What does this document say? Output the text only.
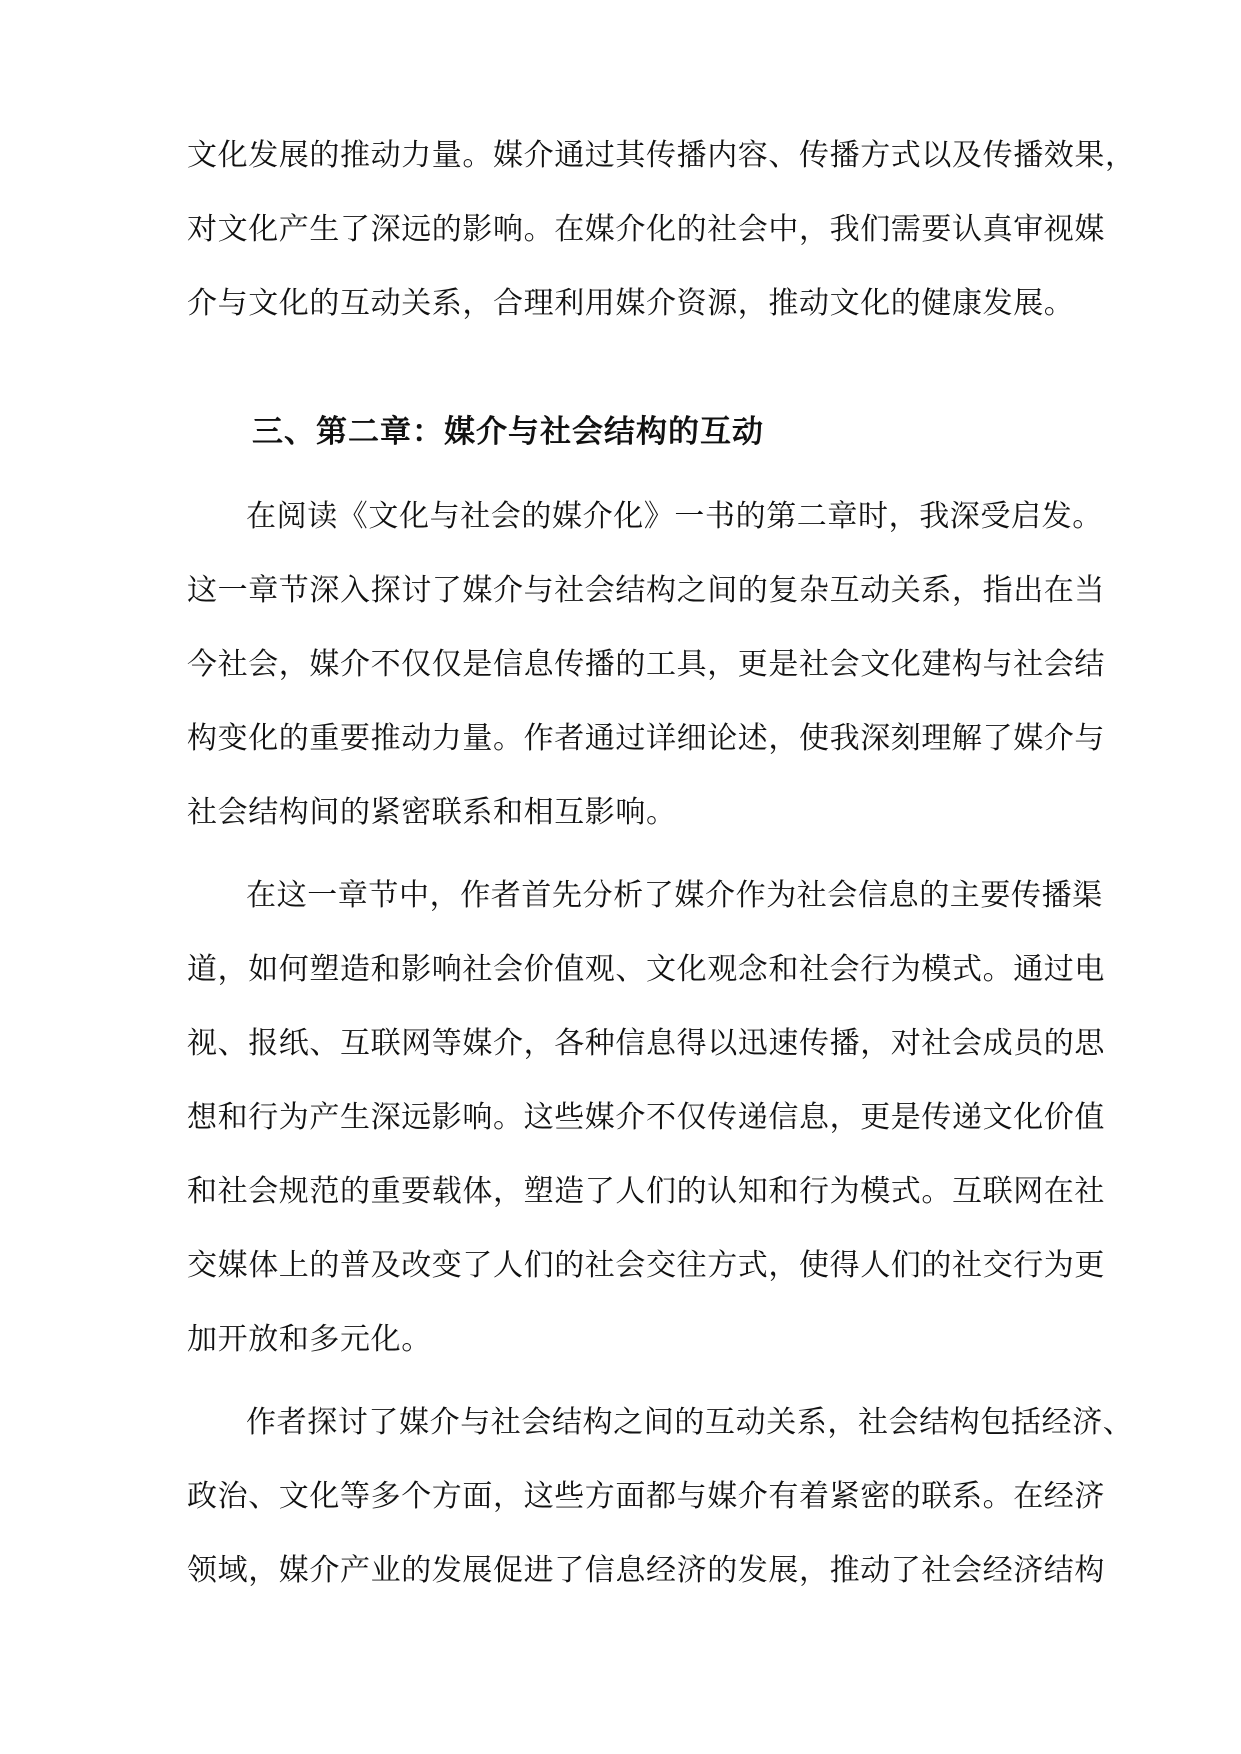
文化发展的推动力量。媒介通过其传播内容、传播方式以及传播效果，
对文化产生了深远的影响。在媒介化的社会中，我们需要认真审视媒
介与文化的互动关系，合理利用媒介资源，推动文化的健康发展。
三、第二章：媒介与社会结构的互动
在阅读《文化与社会的媒介化》一书的第二章时，我深受启发。
这一章节深入探讨了媒介与社会结构之间的复杂互动关系，指出在当
今社会，媒介不仅仅是信息传播的工具，更是社会文化建构与社会结
构变化的重要推动力量。作者通过详细论述，使我深刻理解了媒介与
社会结构间的紧密联系和相互影响。
在这一章节中，作者首先分析了媒介作为社会信息的主要传播渠
道，如何塑造和影响社会价值观、文化观念和社会行为模式。通过电
视、报纸、互联网等媒介，各种信息得以迅速传播，对社会成员的思
想和行为产生深远影响。这些媒介不仅传递信息，更是传递文化价值
和社会规范的重要载体，塑造了人们的认知和行为模式。互联网在社
交媒体上的普及改变了人们的社会交往方式，使得人们的社交行为更
加开放和多元化。
作者探讨了媒介与社会结构之间的互动关系，社会结构包括经济、
政治、文化等多个方面，这些方面都与媒介有着紧密的联系。在经济
领域，媒介产业的发展促进了信息经济的发展，推动了社会经济结构
